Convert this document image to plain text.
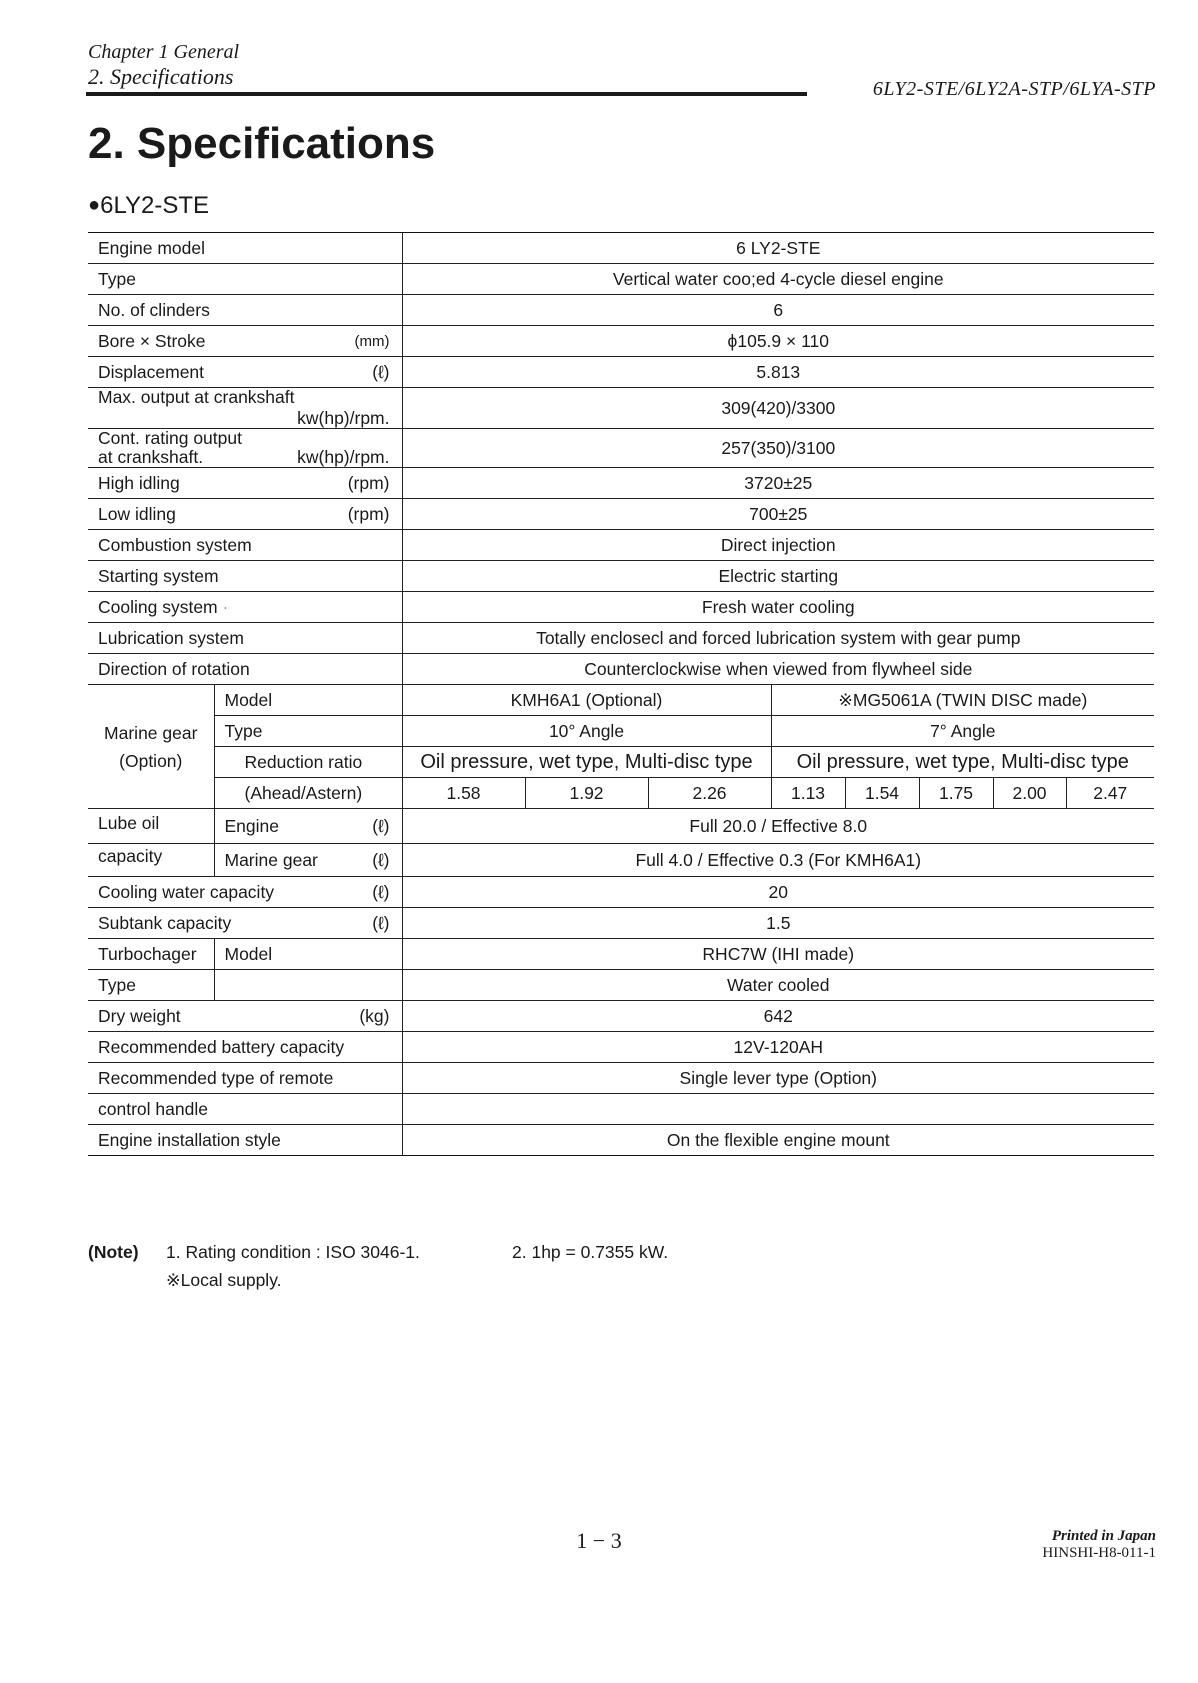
Chapter 1 General
2. Specifications	6LY2-STE/6LY2A-STP/6LYA-STP
2. Specifications
●6LY2-STE
Engine model		6 LY2-STE							
Type		Vertical water coo;ed 4-cycle diesel engine							
No. of clinders		6							

Bore × Stroke (mm)		ϕ105.9 × 110							

Displacement (ℓ)		5.813							

Max. output at crankshaft
kw(hp)/rpm.		309(420)/3300							

Cont. rating output
at crankshaft. kw(hp)/rpm.		257(350)/3100							

High idling (rpm)		3720±25							

Low idling (rpm)		700±25							
Combustion system		Direct injection							
Starting system		Electric starting							
Cooling system ·		Fresh water cooling							
Lubrication system		Totally enclosecl and forced lubrication system with gear pump							
Direction of rotation		Counterclockwise when viewed from flywheel side							
Marine gear
(Option)	Model	KMH6A1 (Optional)			※MG5061A (TWIN DISC made)				
	Type	10° Angle			7° Angle				
	Reduction ratio	Oil pressure, wet type, Multi-disc type			Oil pressure, wet type, Multi-disc type				
	(Ahead/Astern)	1.58	1.92	2.26	1.13	1.54	1.75	2.00	2.47
Lube oil	Engine (ℓ)	Full 20.0 / Effective 8.0							
capacity	Marine gear (ℓ)	Full 4.0 / Effective 0.3 (For KMH6A1)							

Cooling water capacity (ℓ)		20							

Subtank capacity (ℓ)		1.5							
Turbochager	Model	RHC7W (IHI made)							
Type		Water cooled							

Dry weight (kg)		642							
Recommended battery capacity		12V-120AH							
Recommended type of remote		Single lever type (Option)							
control handle									
Engine installation style		On the flexible engine mount							
(Note) 1. Rating condition : ISO 3046-1.	2. 1hp = 0.7355 kW.
※Local supply.
1 − 3	Printed in Japan
HINSHI-H8-011-1
